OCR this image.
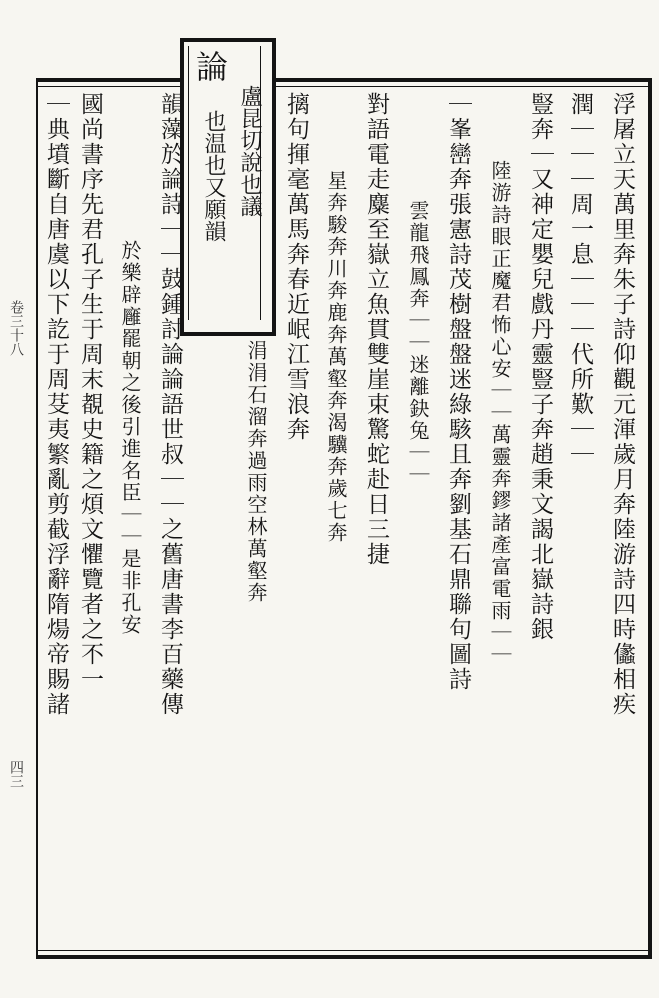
論
盧昆切說也議
也温也又願韻	浮屠立天萬里奔朱子詩仰觀元渾歲月奔陸游詩四時㒩相疾
潤｜｜｜周一息｜｜｜代所歎｜｜
豎奔｜又神定嬰兒戲丹靈豎子奔趙秉文謁北嶽詩銀
陸游詩眼正魔君怖心安｜｜萬靈奔鏐諸產富電雨｜｜
｜峯巒奔張憲詩茂樹盤盤迷綠駭且奔劉基石鼎聯句圖詩
雲龍飛鳳奔｜｜迷離鈌兔｜｜
對語電走麋至嶽立魚貫雙崖束驚蛇赴日三捷
星奔駿奔川奔鹿奔萬壑奔渴驥奔歲七奔
摛句揮毫萬馬奔春近岷江雪浪奔
涓涓石溜奔過雨空林萬壑奔
韻藻於論詩｜｜鼓鍾討論論語世叔｜｜之舊唐書李百藥傳
於樂辟廱罷朝之後引進名臣｜｜是非孔安
國尚書序先君孔子生于周末覩史籍之煩文懼覽者之不一
｜典墳斷自唐虞以下訖于周芟夷繁亂剪截浮辭隋煬帝賜諸
卷三十八
四三
